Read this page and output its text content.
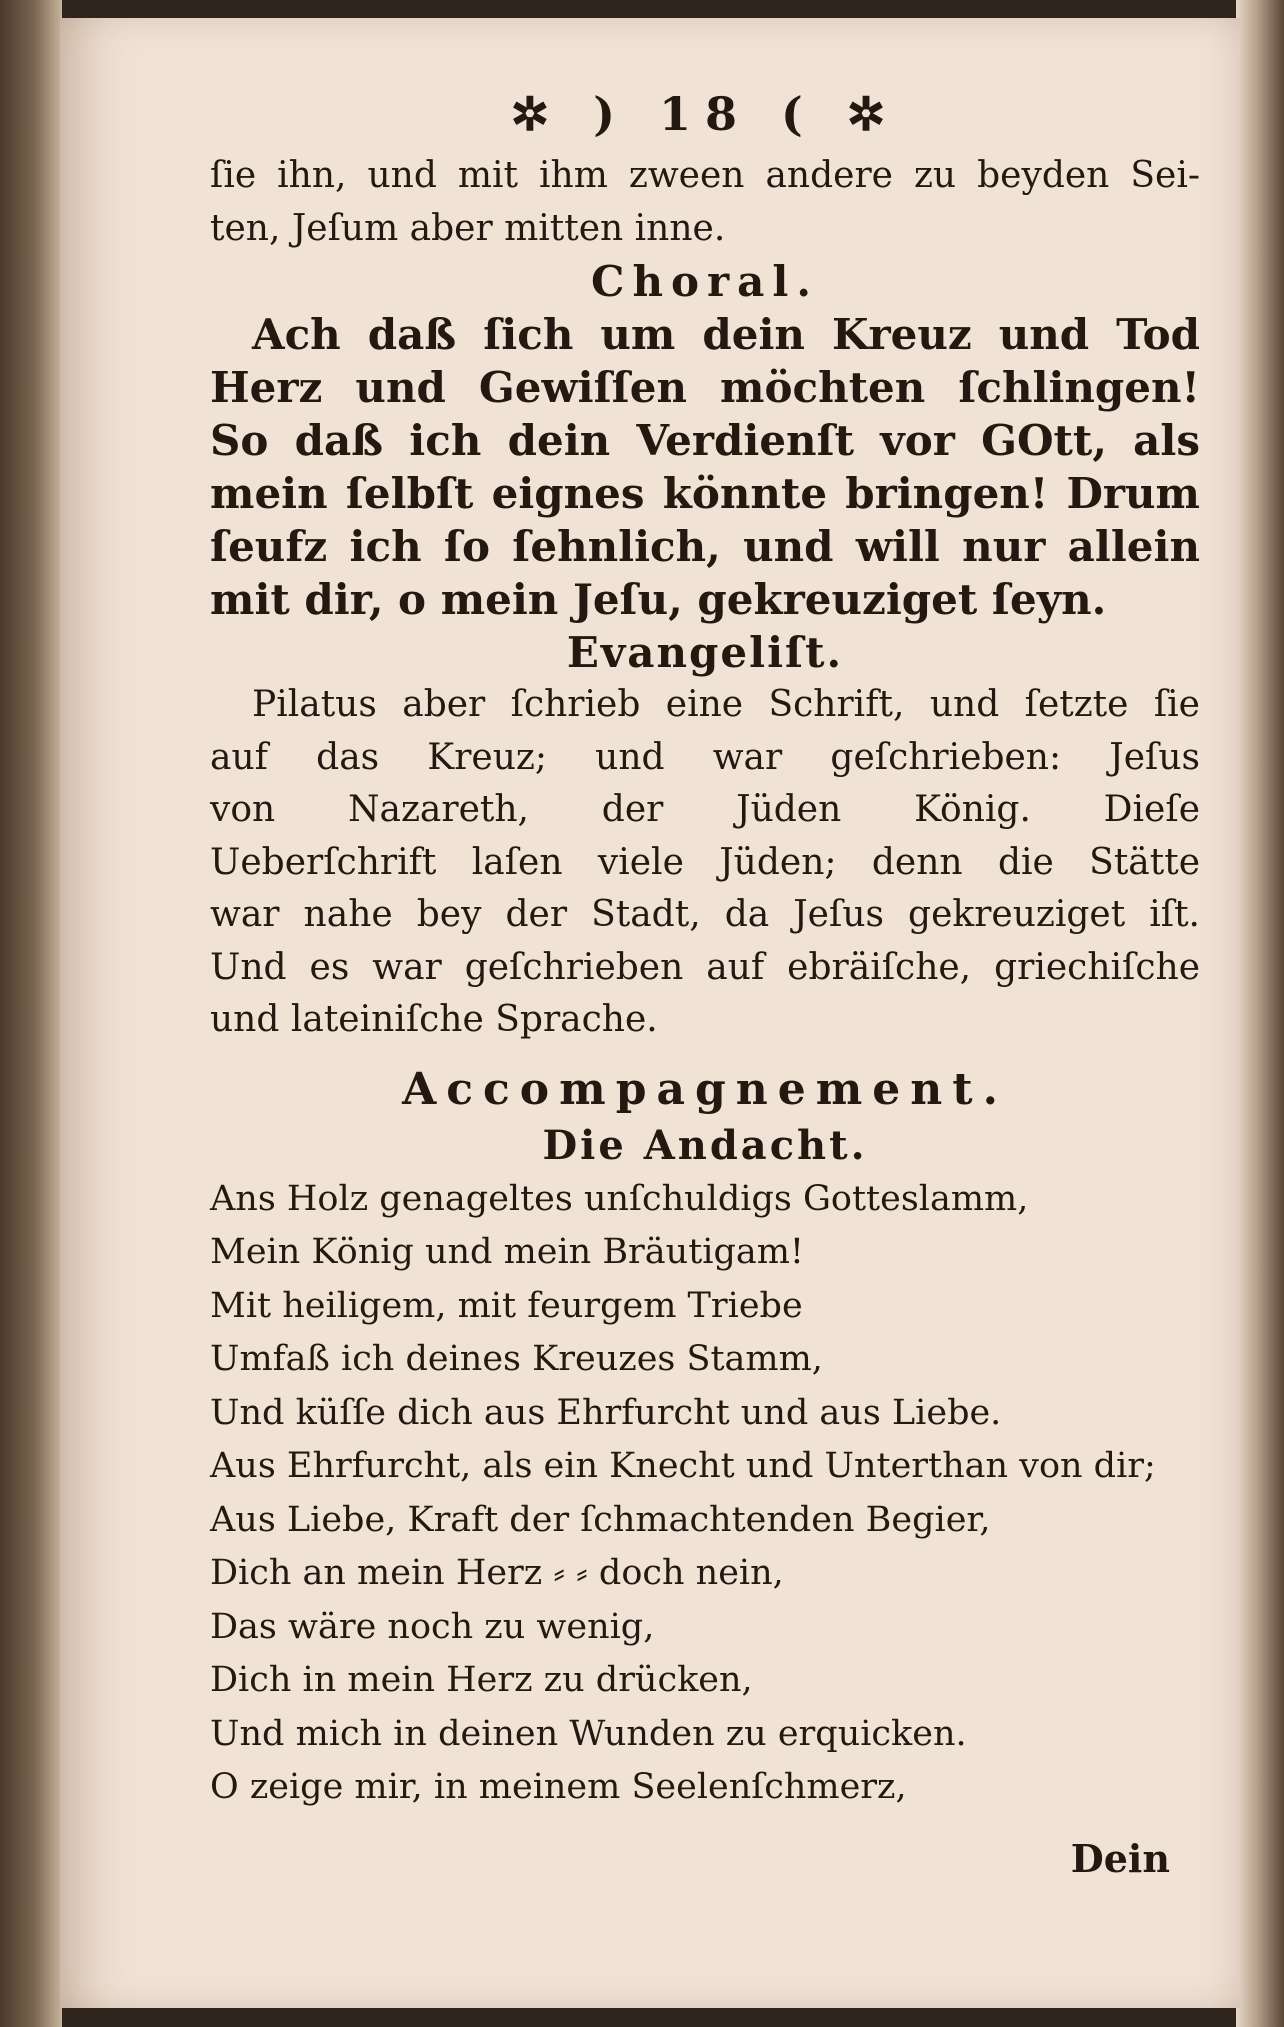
✲ ) 18 ( ✲
ſie ihn, und mit ihm zween andere zu beyden Sei-
ten, Jeſum aber mitten inne.
Choral.
Ach daß ſich um dein Kreuz und Tod
Herz und Gewiſſen möchten ſchlingen!
So daß ich dein Verdienſt vor GOtt, als
mein ſelbſt eignes könnte bringen! Drum
ſeufz ich ſo ſehnlich, und will nur allein
mit dir, o mein Jeſu, gekreuziget ſeyn.
Evangeliſt.
Pilatus aber ſchrieb eine Schrift, und ſetzte ſie
auf das Kreuz; und war geſchrieben: Jeſus
von Nazareth, der Jüden König. Dieſe
Ueberſchrift laſen viele Jüden; denn die Stätte
war nahe bey der Stadt, da Jeſus gekreuziget iſt.
Und es war geſchrieben auf ebräiſche, griechiſche
und lateiniſche Sprache.
Accompagnement.
Die Andacht.
Ans Holz genageltes unſchuldigs Gotteslamm,
Mein König und mein Bräutigam!
Mit heiligem, mit feurgem Triebe
Umfaß ich deines Kreuzes Stamm,
Und küſſe dich aus Ehrfurcht und aus Liebe.
Aus Ehrfurcht, als ein Knecht und Unterthan von dir;
Aus Liebe, Kraft der ſchmachtenden Begier,
Dich an mein Herz ⸗ ⸗ doch nein,
Das wäre noch zu wenig,
Dich in mein Herz zu drücken,
Und mich in deinen Wunden zu erquicken.
O zeige mir, in meinem Seelenſchmerz,
Dein
